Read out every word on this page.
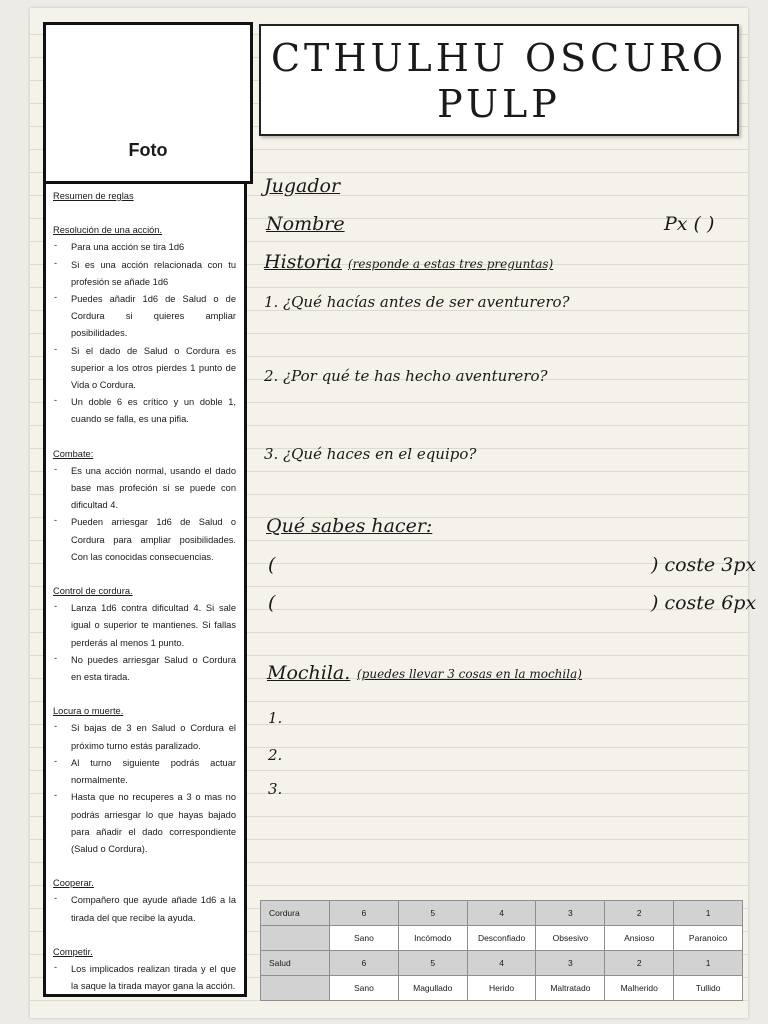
Foto
Resumen de reglas
Resolución de una acción.
- Para una acción se tira 1d6
- Si es una acción relacionada con tu profesión se añade 1d6
- Puedes añadir 1d6 de Salud o de Cordura si quieres ampliar posibilidades.
- Si el dado de Salud o Cordura es superior a los otros pierdes 1 punto de Vida o Cordura.
- Un doble 6 es crítico y un doble 1, cuando se falla, es una pifia.
Combate:
- Es una acción normal, usando el dado base mas profeción si se puede con dificultad 4.
- Pueden arriesgar 1d6 de Salud o Cordura para ampliar posibilidades. Con las conocidas consecuencias.
Control de cordura.
- Lanza 1d6 contra dificultad 4. Si sale igual o superior te mantienes. Si fallas perderás al menos 1 punto.
- No puedes arriesgar Salud o Cordura en esta tirada.
Locura o muerte.
- Si bajas de 3 en Salud o Cordura el próximo turno estás paralizado.
- Al turno siguiente podrás actuar normalmente.
- Hasta que no recuperes a 3 o mas no podrás arriesgar lo que hayas bajado para añadir el dado correspondiente (Salud o Cordura).
Cooperar.
- Compañero que ayude añade 1d6 a la tirada del que recibe la ayuda.
Competir.
- Los implicados realizan tirada y el que la saque la tirada mayor gana la acción.
CTHULHU OSCURO
PULP
Jugador
Nombre	Px ( )
Historia (responde a estas tres preguntas)
1. ¿Qué hacías antes de ser aventurero?
2. ¿Por qué te has hecho aventurero?
3. ¿Qué haces en el equipo?
Qué sabes hacer:
(	) coste 3px
(	) coste 6px
Mochila. (puedes llevar 3 cosas en la mochila)
1.
2.
3.
Cordura	6	5	4	3	2	1
	Sano	Incómodo	Desconfiado	Obsesivo	Ansioso	Paranoico
Salud	6	5	4	3	2	1
	Sano	Magullado	Herido	Maltratado	Malherido	Tullido
